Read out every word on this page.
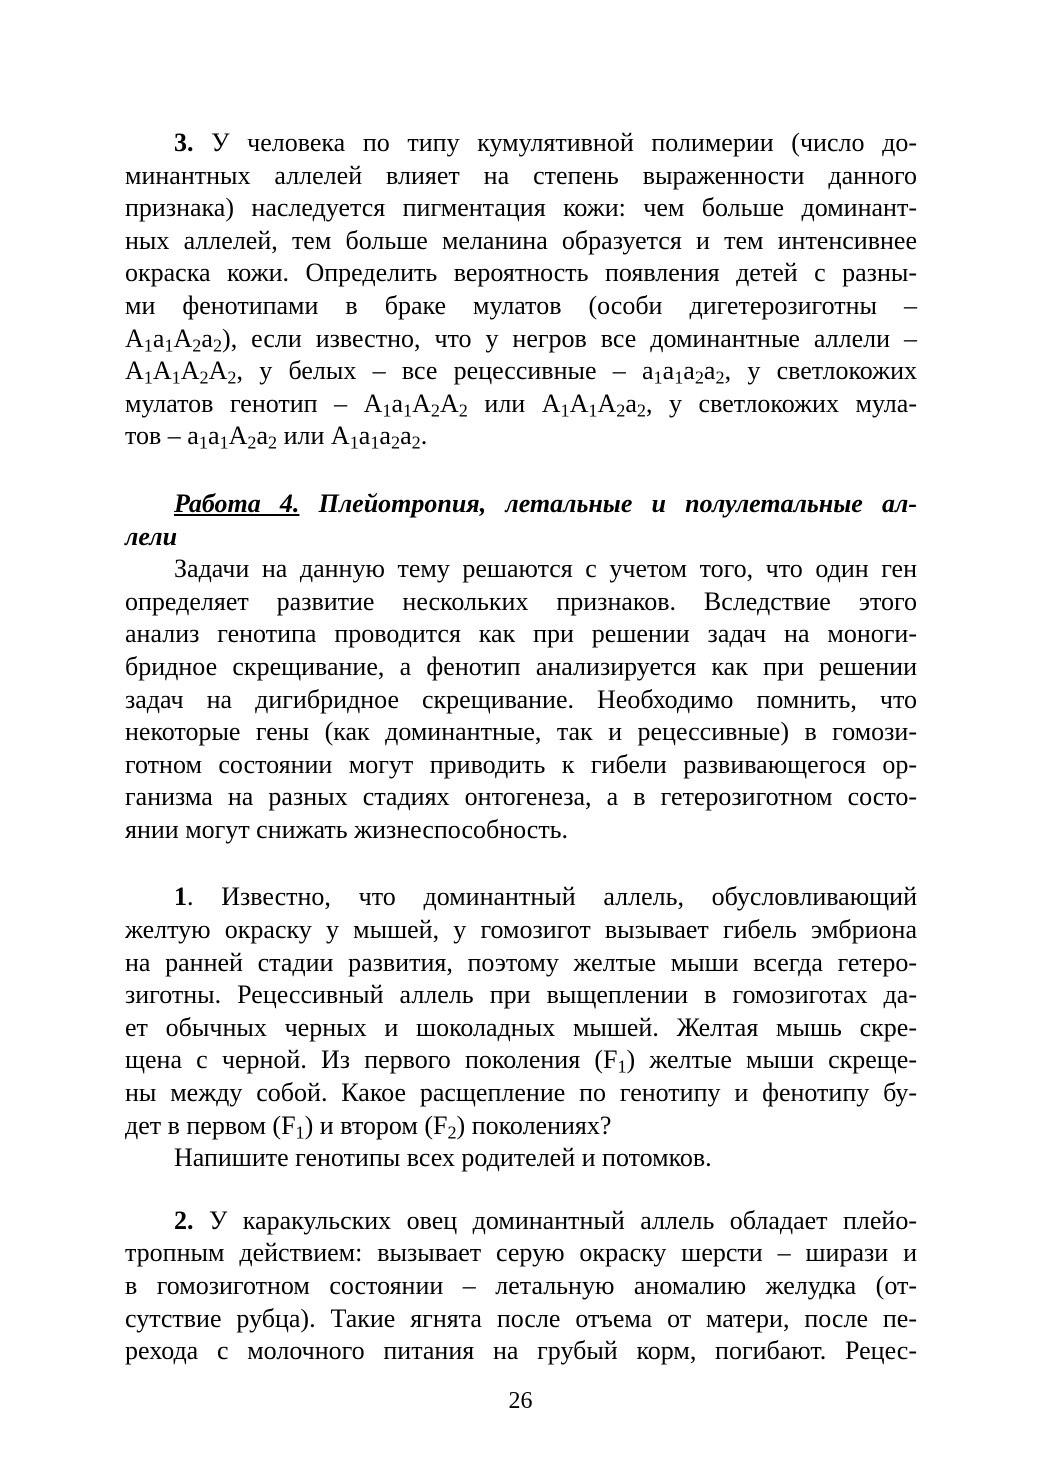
3. У человека по типу кумулятивной полимерии (число до-
минантных аллелей влияет на степень выраженности данного
признака) наследуется пигментация кожи: чем больше доминант-
ных аллелей, тем больше меланина образуется и тем интенсивнее
окраска кожи. Определить вероятность появления детей с разны-
ми фенотипами в браке мулатов (особи дигетерозиготны –
$A_1a_1A_2a_2$), если известно, что у негров все доминантные аллели –
$A_1A_1A_2A_2$, у белых – все рецессивные – $a_1a_1a_2a_2$, у светлокожих
мулатов генотип – $A_1a_1A_2A_2$ или $A_1A_1A_2a_2$, у светлокожих мула-
тов – $a_1a_1A_2a_2$ или $A_1a_1a_2a_2$.
Работа 4. Плейотропия, летальные и полулетальные ал-
лели
Задачи на данную тему решаются с учетом того, что один ген
определяет развитие нескольких признаков. Вследствие этого
анализ генотипа проводится как при решении задач на моноги-
бридное скрещивание, а фенотип анализируется как при решении
задач на дигибридное скрещивание. Необходимо помнить, что
некоторые гены (как доминантные, так и рецессивные) в гомози-
готном состоянии могут приводить к гибели развивающегося ор-
ганизма на разных стадиях онтогенеза, а в гетерозиготном состо-
янии могут снижать жизнеспособность.
1. Известно, что доминантный аллель, обусловливающий
желтую окраску у мышей, у гомозигот вызывает гибель эмбриона
на ранней стадии развития, поэтому желтые мыши всегда гетеро-
зиготны. Рецессивный аллель при выщеплении в гомозиготах да-
ет обычных черных и шоколадных мышей. Желтая мышь скре-
щена с черной. Из первого поколения $(F_1)$ желтые мыши скреще-
ны между собой. Какое расщепление по генотипу и фенотипу бу-
дет в первом $(F_1)$ и втором $(F_2)$ поколениях?
Напишите генотипы всех родителей и потомков.
2. У каракульских овец доминантный аллель обладает плейо-
тропным действием: вызывает серую окраску шерсти – ширази и
в гомозиготном состоянии – летальную аномалию желудка (от-
сутствие рубца). Такие ягнята после отъема от матери, после пе-
рехода с молочного питания на грубый корм, погибают. Рецес-
26
